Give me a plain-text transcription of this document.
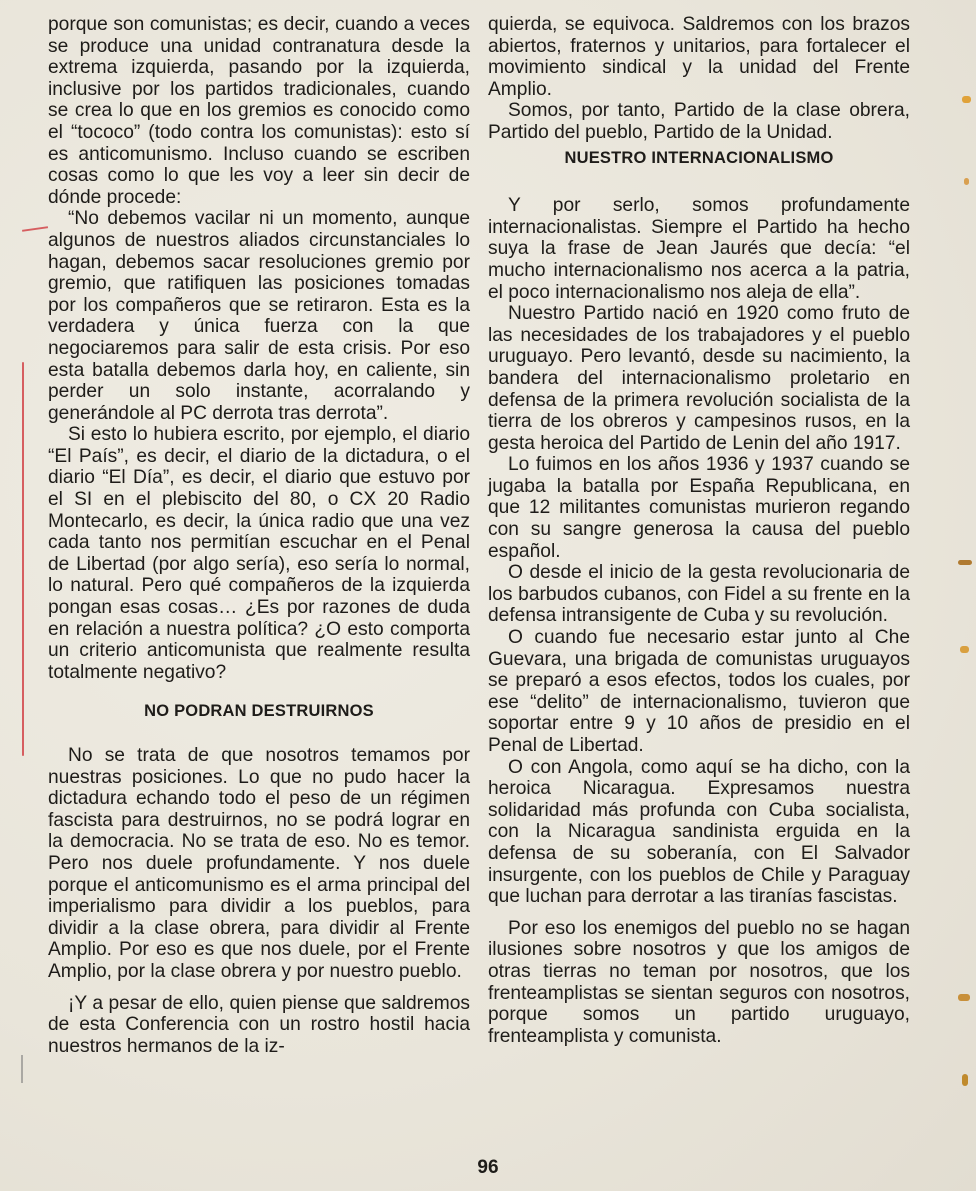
porque son comunistas; es decir, cuando a veces se produce una unidad contranatura desde la extrema izquierda, pasando por la izquierda, inclusive por los partidos tradicionales, cuando se crea lo que en los gremios es conocido como el “tococo” (todo contra los comunistas): esto sí es anticomunismo. Incluso cuando se escriben cosas como lo que les voy a leer sin decir de dónde procede:

“No debemos vacilar ni un momento, aunque algunos de nuestros aliados circunstanciales lo hagan, debemos sacar resoluciones gremio por gremio, que ratifiquen las posiciones tomadas por los compañeros que se retiraron. Esta es la verdadera y única fuerza con la que negociaremos para salir de esta crisis. Por eso esta batalla debemos darla hoy, en caliente, sin perder un solo instante, acorralando y generándole al PC derrota tras derrota”.

Si esto lo hubiera escrito, por ejemplo, el diario “El País”, es decir, el diario de la dictadura, o el diario “El Día”, es decir, el diario que estuvo por el SI en el plebiscito del 80, o CX 20 Radio Montecarlo, es decir, la única radio que una vez cada tanto nos permitían escuchar en el Penal de Libertad (por algo sería), eso sería lo normal, lo natural. Pero qué compañeros de la izquierda pongan esas cosas… ¿Es por razones de duda en relación a nuestra política? ¿O esto comporta un criterio anticomunista que realmente resulta totalmente negativo?

NO PODRAN DESTRUIRNOS

No se trata de que nosotros temamos por nuestras posiciones. Lo que no pudo hacer la dictadura echando todo el peso de un régimen fascista para destruirnos, no se podrá lograr en la democracia. No se trata de eso. No es temor. Pero nos duele profundamente. Y nos duele porque el anticomunismo es el arma principal del imperialismo para dividir a los pueblos, para dividir a la clase obrera, para dividir al Frente Amplio. Por eso es que nos duele, por el Frente Amplio, por la clase obrera y por nuestro pueblo.

¡Y a pesar de ello, quien piense que saldremos de esta Conferencia con un rostro hostil hacia nuestros hermanos de la iz-

quierda, se equivoca. Saldremos con los brazos abiertos, fraternos y unitarios, para fortalecer el movimiento sindical y la unidad del Frente Amplio.

Somos, por tanto, Partido de la clase obrera, Partido del pueblo, Partido de la Unidad.

NUESTRO INTERNACIONALISMO

Y por serlo, somos profundamente internacionalistas. Siempre el Partido ha hecho suya la frase de Jean Jaurés que decía: “el mucho internacionalismo nos acerca a la patria, el poco internacionalismo nos aleja de ella”.

Nuestro Partido nació en 1920 como fruto de las necesidades de los trabajadores y el pueblo uruguayo. Pero levantó, desde su nacimiento, la bandera del internacionalismo proletario en defensa de la primera revolución socialista de la tierra de los obreros y campesinos rusos, en la gesta heroica del Partido de Lenin del año 1917.

Lo fuimos en los años 1936 y 1937 cuando se jugaba la batalla por España Republicana, en que 12 militantes comunistas murieron regando con su sangre generosa la causa del pueblo español.

O desde el inicio de la gesta revolucionaria de los barbudos cubanos, con Fidel a su frente en la defensa intransigente de Cuba y su revolución.

O cuando fue necesario estar junto al Che Guevara, una brigada de comunistas uruguayos se preparó a esos efectos, todos los cuales, por ese “delito” de internacionalismo, tuvieron que soportar entre 9 y 10 años de presidio en el Penal de Libertad.

O con Angola, como aquí se ha dicho, con la heroica Nicaragua. Expresamos nuestra solidaridad más profunda con Cuba socialista, con la Nicaragua sandinista erguida en la defensa de su soberanía, con El Salvador insurgente, con los pueblos de Chile y Paraguay que luchan para derrotar a las tiranías fascistas.

Por eso los enemigos del pueblo no se hagan ilusiones sobre nosotros y que los amigos de otras tierras no teman por nosotros, que los frenteamplistas se sientan seguros con nosotros, porque somos un partido uruguayo, frenteamplista y comunista.

96
